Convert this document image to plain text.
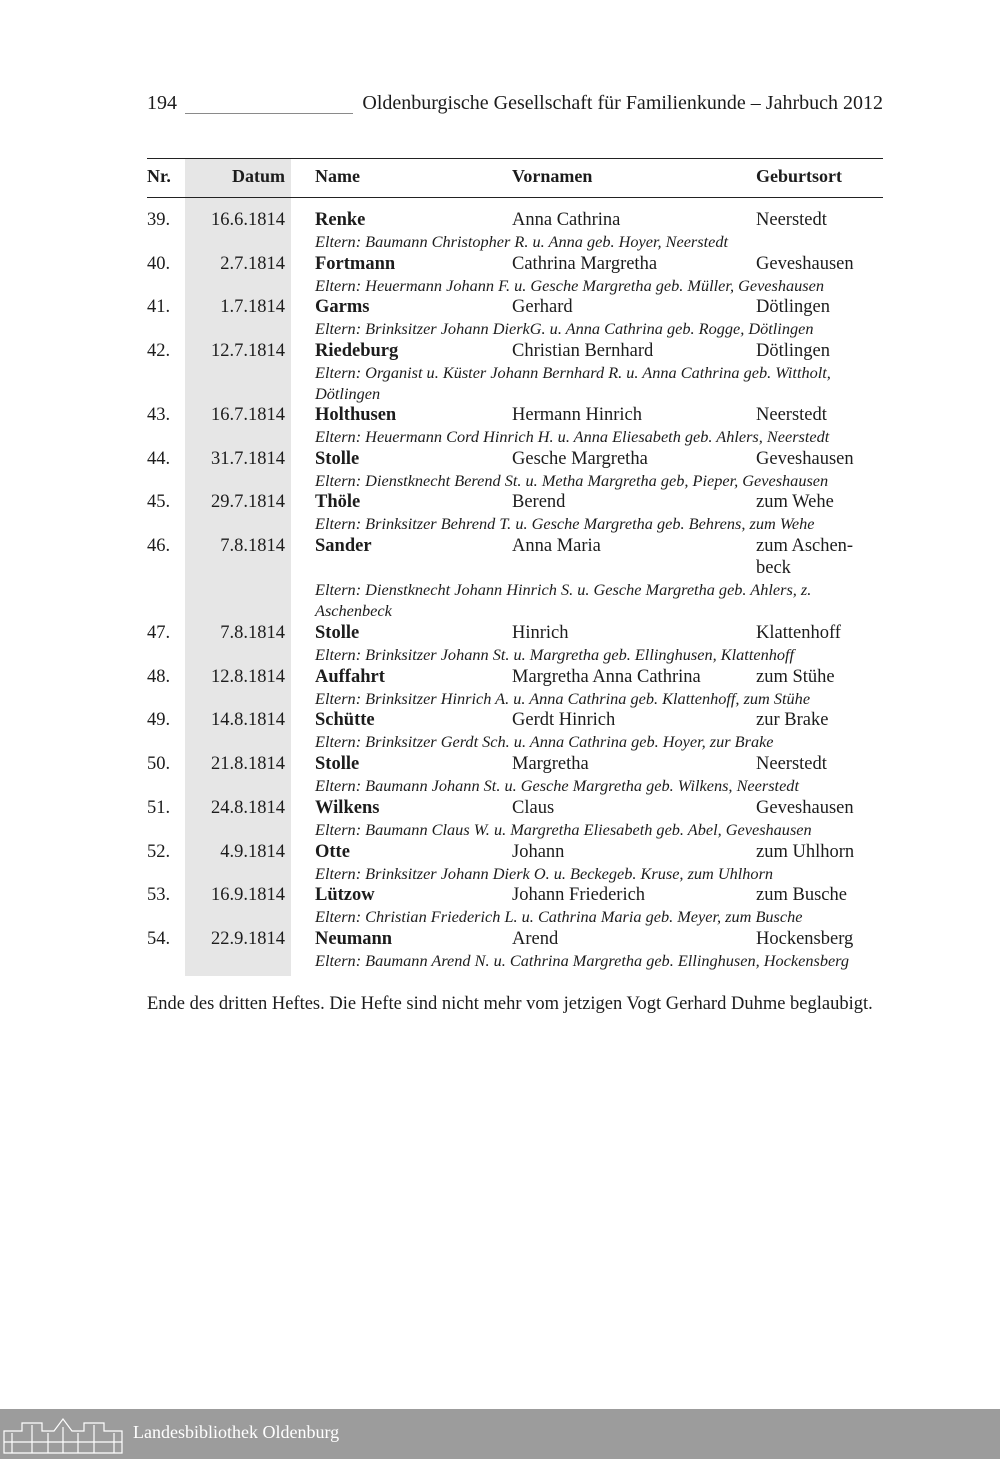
194	Oldenburgische Gesellschaft für Familienkunde – Jahrbuch 2012
Nr.	Datum Name	Vornamen	Geburtsort
39.	16.6.1814 Renke	Anna Cathrina	Neerstedt
Eltern: Baumann Christopher R. u. Anna geb. Hoyer, Neerstedt
40.	2.7.1814 Fortmann	Cathrina Margretha	Geveshausen
Eltern: Heuermann Johann F. u. Gesche Margretha geb. Müller, Geveshausen
41.	1.7.1814 Garms	Gerhard	Dötlingen
Eltern: Brinksitzer Johann DierkG. u. Anna Cathrina geb. Rogge, Dötlingen
42.	12.7.1814 Riedeburg	Christian Bernhard	Dötlingen
Eltern: Organist u. Küster Johann Bernhard R. u. Anna Cathrina geb. Wittholt, Dötlingen
43.	16.7.1814 Holthusen	Hermann Hinrich	Neerstedt
Eltern: Heuermann Cord Hinrich H. u. Anna Eliesabeth geb. Ahlers, Neerstedt
44.	31.7.1814 Stolle	Gesche Margretha	Geveshausen
Eltern: Dienstknecht Berend St. u. Metha Margretha geb, Pieper, Geveshausen
45.	29.7.1814 Thöle	Berend	zum Wehe
Eltern: Brinksitzer Behrend T. u. Gesche Margretha geb. Behrens, zum Wehe
46.	7.8.1814 Sander	Anna Maria	zum Aschen-beck
Eltern: Dienstknecht Johann Hinrich S. u. Gesche Margretha geb. Ahlers, z. Aschenbeck
47.	7.8.1814 Stolle	Hinrich	Klattenhoff
Eltern: Brinksitzer Johann St. u. Margretha geb. Ellinghusen, Klattenhoff
48.	12.8.1814 Auffahrt	Margretha Anna Cathrina	zum Stühe
Eltern: Brinksitzer Hinrich A. u. Anna Cathrina geb. Klattenhoff, zum Stühe
49.	14.8.1814 Schütte	Gerdt Hinrich	zur Brake
Eltern: Brinksitzer Gerdt Sch. u. Anna Cathrina geb. Hoyer, zur Brake
50.	21.8.1814 Stolle	Margretha	Neerstedt
Eltern: Baumann Johann St. u. Gesche Margretha geb. Wilkens, Neerstedt
51.	24.8.1814 Wilkens	Claus	Geveshausen
Eltern: Baumann Claus W. u. Margretha Eliesabeth geb. Abel, Geveshausen
52.	4.9.1814 Otte	Johann	zum Uhlhorn
Eltern: Brinksitzer Johann Dierk O. u. Beckegeb. Kruse, zum Uhlhorn
53.	16.9.1814 Lützow	Johann Friederich	zum Busche
Eltern: Christian Friederich L. u. Cathrina Maria geb. Meyer, zum Busche
54.	22.9.1814 Neumann	Arend	Hockensberg
Eltern: Baumann Arend N. u. Cathrina Margretha geb. Ellinghusen, Hockensberg
Ende des dritten Heftes. Die Hefte sind nicht mehr vom jetzigen Vogt Gerhard Duhme beglaubigt.
Landesbibliothek Oldenburg
